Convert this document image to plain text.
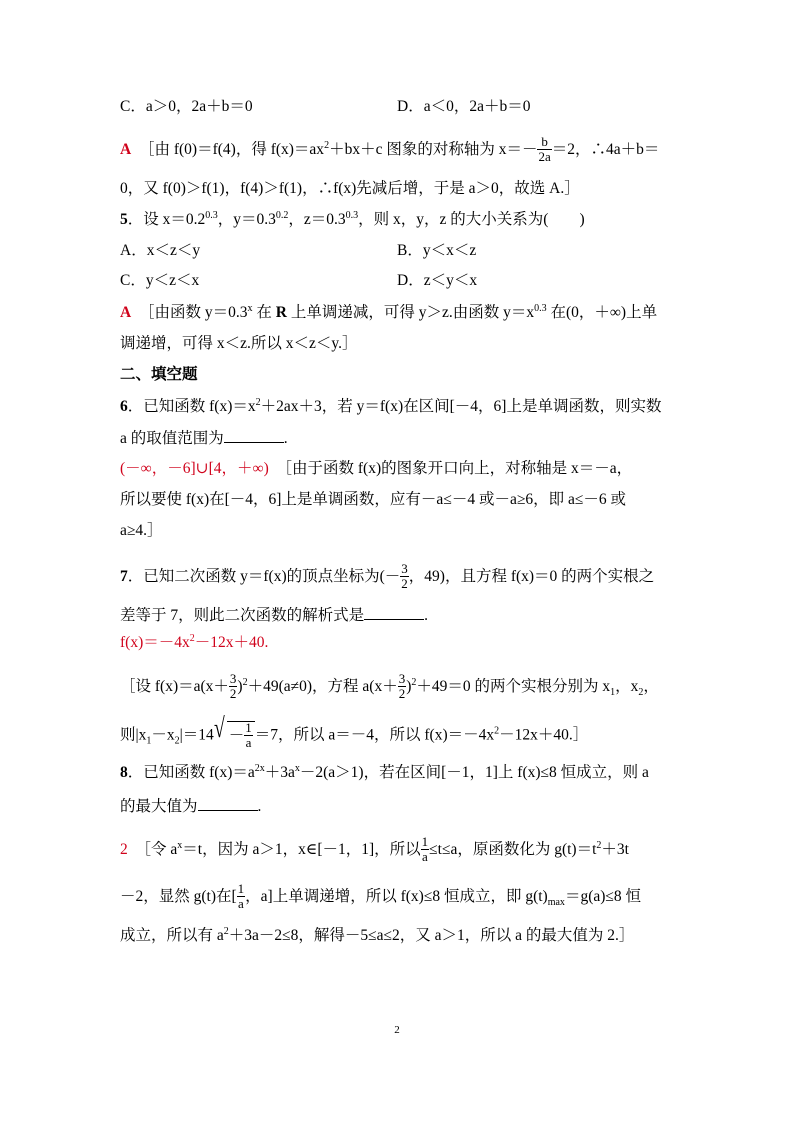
C．a＞0，2a＋b＝0	D．a＜0，2a＋b＝0
A　 ［由 f(0)＝f(4)，得 $f(x)=ax^2+bx+c$ 图象的对称轴为 $x=- \frac{b}{2a} =2$，∴4a＋b＝
0，又 f(0)＞f(1)，f(4)＞f(1)，∴f(x)先减后增，于是 a＞0，故选 A.］
5．设 $x=0.2^{0.3}$，$y=0.3^{0.2}$，$z=0.3^{0.3}$，则 x，y，z 的大小关系为(　　)
A．x＜z＜y	B．y＜x＜z
C．y＜z＜x	D．z＜y＜x
A　 ［由函数 $y=0.3^x$ 在 R 上单调递减，可得 y＞z.由函数 $y=x^{0.3}$ 在(0，＋∞)上单
调递增，可得 x＜z.所以 x＜z＜y.］
二、填空题
6．已知函数 $f(x)=x^2+2ax+3$，若 y＝f(x)在区间[－4，6]上是单调函数，则实数
a 的取值范围为	.
(－∞，－6]∪[4，＋∞)　 ［由于函数 f(x)的图象开口向上，对称轴是 x＝－a，
所以要使 f(x)在[－4，6]上是单调函数，应有－a≤－4 或－a≥6，即 a≤－6 或
a≥4.］
7．已知二次函数 y＝f(x)的顶点坐标为(－ $\frac{3}{2}$ ，49)，且方程 f(x)＝0 的两个实根之
差等于 7，则此二次函数的解析式是	.
$f(x)=-4x^2-12x+40$.
［设 $f(x)=a(x+ \frac{3}{2} )^2+49(a\ne 0)$，方程 $a(x+ \frac{3}{2} )^2+49=0$ 的两个实根分别为 $x_1$，$x_2$，
则$|x_1-x_2|=14$ √ － $\frac{1}{a} =7$，所以 a＝－4，所以 $f(x)=-4x^2-12x+40.]$
8．已知函数 $f(x)=a^{2x}+3a^x-2(a>1)$，若在区间[－1，1]上 f(x)≤8 恒成立，则 a
的最大值为	.
2　 ［令 $a^x=t$，因为 a＞1，x∈[－1，1]，所以 $\frac{1}{a} \le t\le a$，原函数化为 $g(t)=t^2+3t$
－2，显然 g(t)在[ $\frac{1}{a}$ ，a]上单调递增，所以 f(x)≤8 恒成立，即 $g(t)_{max}=g(a)\le 8$ 恒
成立，所以有 $a^2+3a-2\le 8$，解得－5≤a≤2，又 a＞1，所以 a 的最大值为 2.］
2
